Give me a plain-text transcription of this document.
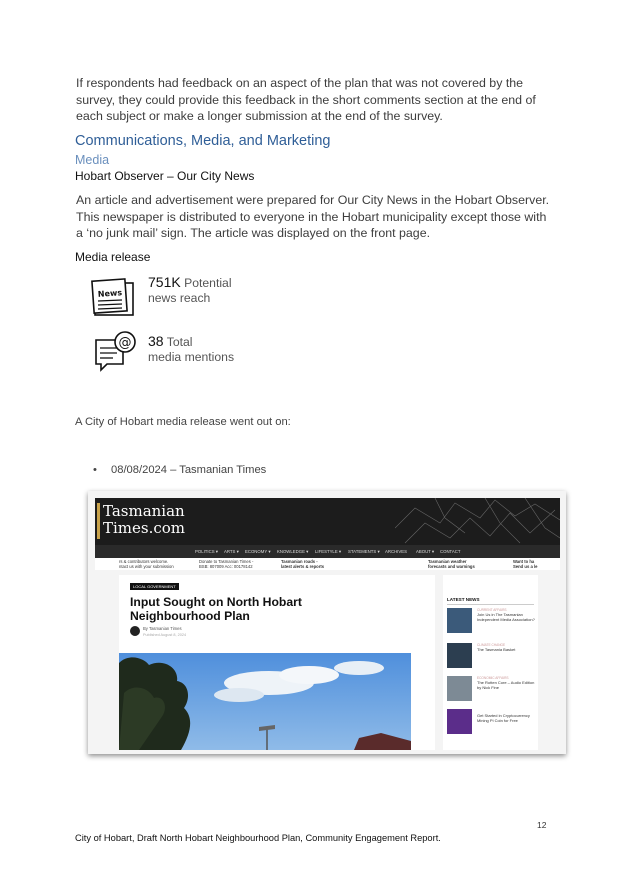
If respondents had feedback on an aspect of the plan that was not covered by the survey, they could provide this feedback in the short comments section at the end of each subject or make a longer submission at the end of the survey.
Communications, Media, and Marketing
Media
Hobart Observer – Our City News
An article and advertisement were prepared for Our City News in the Hobart Observer. This newspaper is distributed to everyone in the Hobart municipality except those with a ‘no junk mail’ sign. The article was displayed on the front page.
Media release
News
751K Potential
news reach
@ 38 Total
media mentions
A City of Hobart media release went out on:
• 08/08/2024 – Tasmanian Times
Tasmanian
Times.com
POLITICS ▾ ARTS ▾ ECONOMY ▾ KNOWLEDGE ▾ LIFESTYLE ▾ STATEMENTS ▾ ARCHIVES ABOUT ▾ CONTACT
rs & contributors welcome.
ntact us with your submission
Donate to Tasmanian Times -
BSB: 807009 Acc: 00178142
Tasmanian roads -
latest alerts & reports
Tasmanian weather
forecasts and warnings
Want to ha
Send us a le
LOCAL GOVERNMENT
Input Sought on North Hobart Neighbourhood Plan
By Tasmanian Times
Published August 8, 2024
LATEST NEWS
CURRENT AFFAIRS
Join Us in The Tasmanian Independent Media Association?
CLIMATE CHANGE
The Tasmania Basket
ECONOMIC AFFAIRS
The Rotten Core – Audio Edition by Nick Fine
Get Started in Cryptocurrency Mining Pi Coin for Free
12
City of Hobart, Draft North Hobart Neighbourhood Plan, Community Engagement Report.
